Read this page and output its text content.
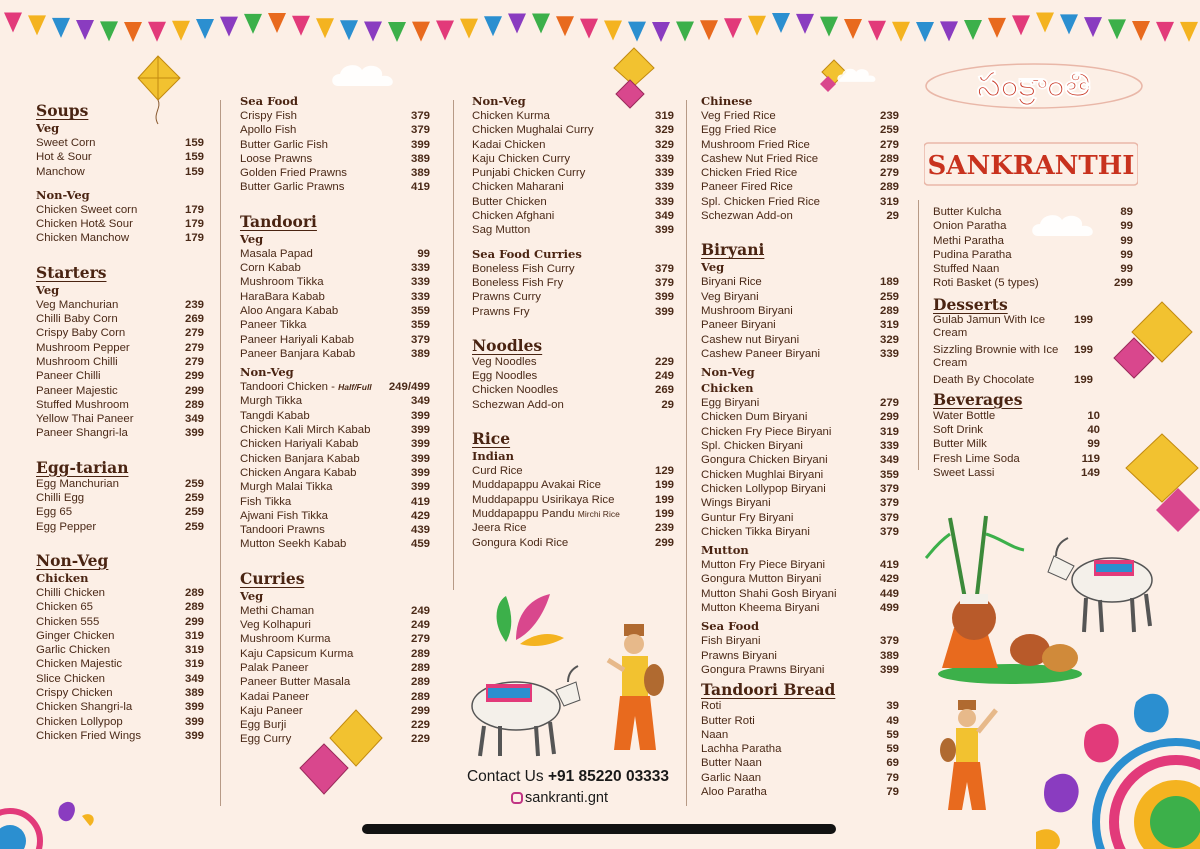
సంక్రాంతి
SANKRANTHI
Soups
Veg
Sweet Corn	159
Hot & Sour	159
Manchow	159
Non-Veg
Chicken Sweet corn	179
Chicken Hot& Sour	179
Chicken Manchow	179
Starters
Veg
Veg Manchurian	239
Chilli Baby Corn	269
Crispy Baby Corn	279
Mushroom Pepper	279
Mushroom Chilli	279
Paneer Chilli	299
Paneer Majestic	299
Stuffed Mushroom	289
Yellow Thai Paneer	349
Paneer Shangri-la	399
Egg-tarian
Egg Manchurian	259
Chilli Egg	259
Egg 65	259
Egg Pepper	259
Non-Veg
Chicken
Chilli Chicken	289
Chicken 65	289
Chicken 555	299
Ginger Chicken	319
Garlic Chicken	319
Chicken Majestic	319
Slice Chicken	349
Crispy Chicken	389
Chicken Shangri-la	399
Chicken Lollypop	399
Chicken Fried Wings	399
Sea Food
Crispy Fish	379
Apollo Fish	379
Butter Garlic Fish	399
Loose Prawns	389
Golden Fried Prawns	389
Butter Garlic Prawns	419
Tandoori
Veg
Masala Papad	99
Corn Kabab	339
Mushroom Tikka	339
HaraBara Kabab	339
Aloo Angara Kabab	359
Paneer Tikka	359
Paneer Hariyali Kabab	379
Paneer Banjara Kabab	389
Non-Veg
Tandoori Chicken - Half/Full 249/499
Murgh Tikka	349
Tangdi Kabab	399
Chicken Kali Mirch Kabab	399
Chicken Hariyali Kabab	399
Chicken Banjara Kabab	399
Chicken Angara Kabab	399
Murgh Malai Tikka	399
Fish Tikka	419
Ajwani Fish Tikka	429
Tandoori Prawns	439
Mutton Seekh Kabab	459
Curries
Veg
Methi Chaman	249
Veg Kolhapuri	249
Mushroom Kurma	279
Kaju Capsicum Kurma	289
Palak Paneer	289
Paneer Butter Masala	289
Kadai Paneer	289
Kaju Paneer	299
Egg Burji	229
Egg Curry	229
Non-Veg
Chicken Kurma	319
Chicken Mughalai Curry	329
Kadai Chicken	329
Kaju Chicken Curry	339
Punjabi Chicken Curry	339
Chicken Maharani	339
Butter Chicken	339
Chicken Afghani	349
Sag Mutton	399
Sea Food Curries
Boneless Fish Curry	379
Boneless Fish Fry	379
Prawns Curry	399
Prawns Fry	399
Noodles
Veg Noodles	229
Egg Noodles	249
Chicken Noodles	269
Schezwan Add-on	29
Rice
Indian
Curd Rice	129
Muddapappu Avakai Rice	199
Muddapappu Usirikaya Rice	199
Muddapappu Pandu Mirchi Rice	199
Jeera Rice	239
Gongura Kodi Rice	299
Chinese
Veg Fried Rice	239
Egg Fried Rice	259
Mushroom Fried Rice	279
Cashew Nut Fried Rice	289
Chicken Fried Rice	279
Paneer Fired Rice	289
Spl. Chicken Fried Rice	319
Schezwan Add-on	29
Biryani
Veg
Biryani Rice	189
Veg Biryani	259
Mushroom Biryani	289
Paneer Biryani	319
Cashew nut Biryani	329
Cashew Paneer Biryani	339
Non-Veg
Chicken
Egg Biryani	279
Chicken Dum Biryani	299
Chicken Fry Piece Biryani	319
Spl. Chicken Biryani	339
Gongura Chicken Biryani	349
Chicken Mughlai Biryani	359
Chicken Lollypop Biryani	379
Wings Biryani	379
Guntur Fry Biryani	379
Chicken Tikka Biryani	379
Mutton
Mutton Fry Piece Biryani	419
Gongura Mutton Biryani	429
Mutton Shahi Gosh Biryani	449
Mutton Kheema Biryani	499
Sea Food
Fish Biryani	379
Prawns Biryani	389
Gongura Prawns Biryani	399
Tandoori Bread
Roti	39
Butter Roti	49
Naan	59
Lachha Paratha	59
Butter Naan	69
Garlic Naan	79
Aloo Paratha	79
Butter Kulcha	89
Onion Paratha	99
Methi Paratha	99
Pudina Paratha	99
Stuffed Naan	99
Roti Basket (5 types)	299
Desserts
Gulab Jamun With Ice Cream
199
Sizzling Brownie with Ice Cream
199
Death By Chocolate	199
Beverages
Water Bottle	10
Soft Drink	40
Butter Milk	99
Fresh Lime Soda	119
Sweet Lassi	149
Contact Us +91 85220 03333
sankranti.gnt
